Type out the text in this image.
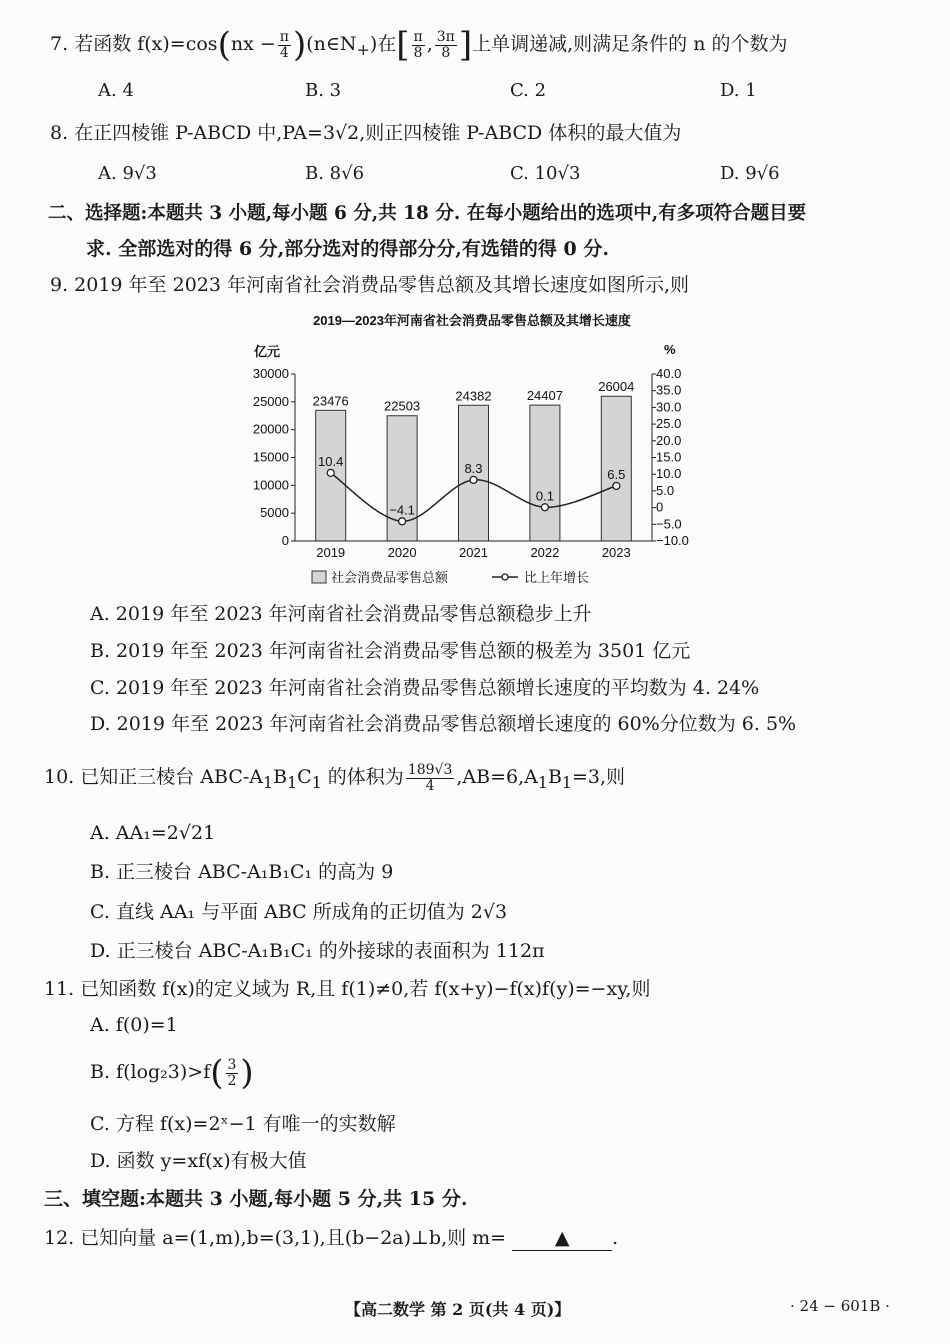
7. 若函数 $f(x)=\cos(nx - \frac{\pi}{4}$ )$(n\in N_+)$在[ $\frac{\pi}{8}$ , $\frac{3\pi}{8}$ ]上单调递减,则满足条件的 n 的个数为
A. 4	B. 3	C. 2	D. 1
8. 在正四棱锥 P-ABCD 中,PA=3√2,则正四棱锥 P-ABCD 体积的最大值为
A. 9√3	B. 8√6	C. 10√3	D. 9√6
二、选择题:本题共 3 小题,每小题 6 分,共 18 分. 在每小题给出的选项中,有多项符合题目要
求. 全部选对的得 6 分,部分选对的得部分分,有选错的得 0 分.
9. 2019 年至 2023 年河南省社会消费品零售总额及其增长速度如图所示,则
2019—2023年河南省社会消费品零售总额及其增长速度
亿元	%
0
5000
10000
15000
20000
25000
30000
−10.0
−5.0
0
5.0
10.0
15.0
20.0
25.0
30.0
35.0
40.0
23476	22503
24382	24407
26004
2019	2020	2021	2022	2023
10.4
−4.1
8.3
0.1
6.5
社会消费品零售总额	比上年增长
A. 2019 年至 2023 年河南省社会消费品零售总额稳步上升
B. 2019 年至 2023 年河南省社会消费品零售总额的极差为 3501 亿元
C. 2019 年至 2023 年河南省社会消费品零售总额增长速度的平均数为 4. 24%
D. 2019 年至 2023 年河南省社会消费品零售总额增长速度的 60%分位数为 6. 5%
10. 已知正三棱台 ABC-$A_1B_1C_1$ 的体积为 $\frac{189√3}{4} ,AB=6,A_1B_1=3$,则
A. AA₁=2√21
B. 正三棱台 ABC-A₁B₁C₁ 的高为 9
C. 直线 AA₁ 与平面 ABC 所成角的正切值为 2√3
D. 正三棱台 ABC-A₁B₁C₁ 的外接球的表面积为 112π
11. 已知函数 f(x)的定义域为 R,且 f(1)≠0,若 f(x+y)−f(x)f(y)=−xy,则
A. f(0)=1
B. $f(\log_23)>f( \frac{3}{2}$ )
C. 方程 f(x)=2ˣ−1 有唯一的实数解
D. 函数 y=xf(x)有极大值
三、填空题:本题共 3 小题,每小题 5 分,共 15 分.
12. 已知向量 a=(1,m),b=(3,1),且(b−2a)⊥b,则 m=	▲ .
【高二数学 第 2 页(共 4 页)】	· 24 − 601B ·
